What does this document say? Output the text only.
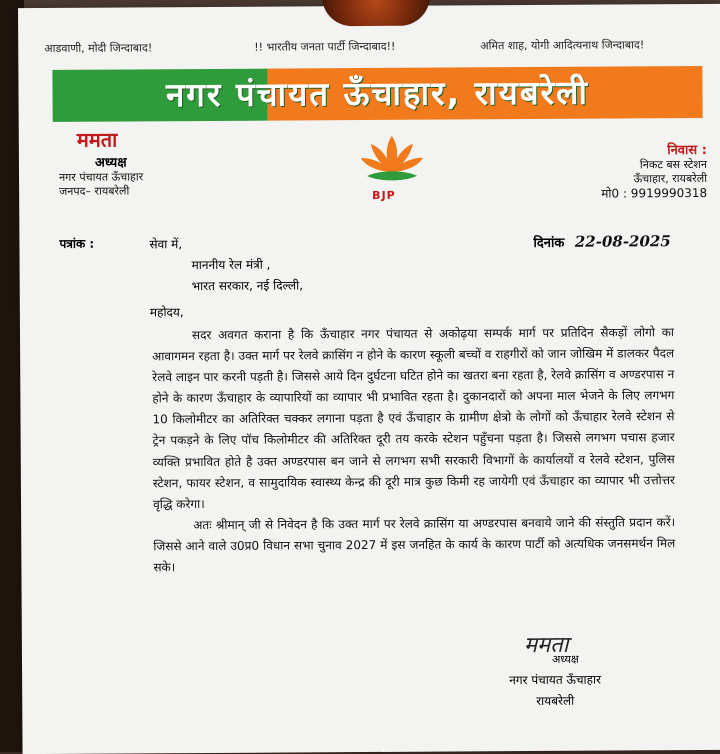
आडवाणी, मोदी जिन्दाबाद!	!! भारतीय जनता पार्टी जिन्दाबाद!!	अमित शाह, योगी आदित्यनाथ जिन्दाबाद!
नगर पंचायत ऊँचाहार, रायबरेली
ममता
अध्यक्ष
नगर पंचायत ऊँचाहार
जनपद– रायबरेली	BJP
निवास :
निकट बस स्टेशन
ऊँचाहार, रायबरेली
मो0 : 9919990318
पत्रांक :	सेवा में,
माननीय रेल मंत्री ,
भारत सरकार, नई दिल्ली,
दिनांक 22-08-2025
महोदय,

सदर अवगत कराना है कि ऊँचाहार नगर पंचायत से अकोढ़या सम्पर्क मार्ग पर प्रतिदिन सैकड़ों लोगो का आवागमन रहता है। उक्त मार्ग पर रेलवे क्रासिंग न होने के कारण स्कूली बच्चों व राहगीरों को जान जोखिम में डालकर पैदल रेलवे लाइन पार करनी पड़ती है। जिससे आये दिन दुर्घटना घटित होने का खतरा बना रहता है, रेलवे क्रासिंग व अण्डरपास न होने के कारण ऊँचाहार के व्यापारियों का व्यापार भी प्रभावित रहता है। दुकानदारों को अपना माल भेजने के लिए लगभग 10 किलोमीटर का अतिरिक्त चक्कर लगाना पड़ता है एवं ऊँचाहार के ग्रामीण क्षेत्रो के लोगों को ऊँचाहार रेलवे स्टेशन से ट्रेन पकड़ने के लिए पॉच किलोमीटर की अतिरिक्त दूरी तय करके स्टेशन पहुँचना पड़ता है। जिससे लगभग पचास हजार व्यक्ति प्रभावित होते है उक्त अण्डरपास बन जाने से लगभग सभी सरकारी विभागों के कार्यालयों व रेलवे स्टेशन, पुलिस स्टेशन, फायर स्टेशन, व सामुदायिक स्वास्थ्य केन्द्र की दूरी मात्र कुछ किमी रह जायेगी एवं ऊँचाहार का व्यापार भी उत्तोत्तर वृद्धि करेगा।

अतः श्रीमान् जी से निवेदन है कि उक्त मार्ग पर रेलवे क्रासिंग या अण्डरपास बनवाये जाने की संस्तुति प्रदान करें। जिससे आने वाले उ0प्र0 विधान सभा चुनाव 2027 में इस जनहित के कार्य के कारण पार्टी को अत्यधिक जनसमर्थन मिल सके।

ममता
अध्यक्ष
नगर पंचायत ऊँचाहार
रायबरेली
